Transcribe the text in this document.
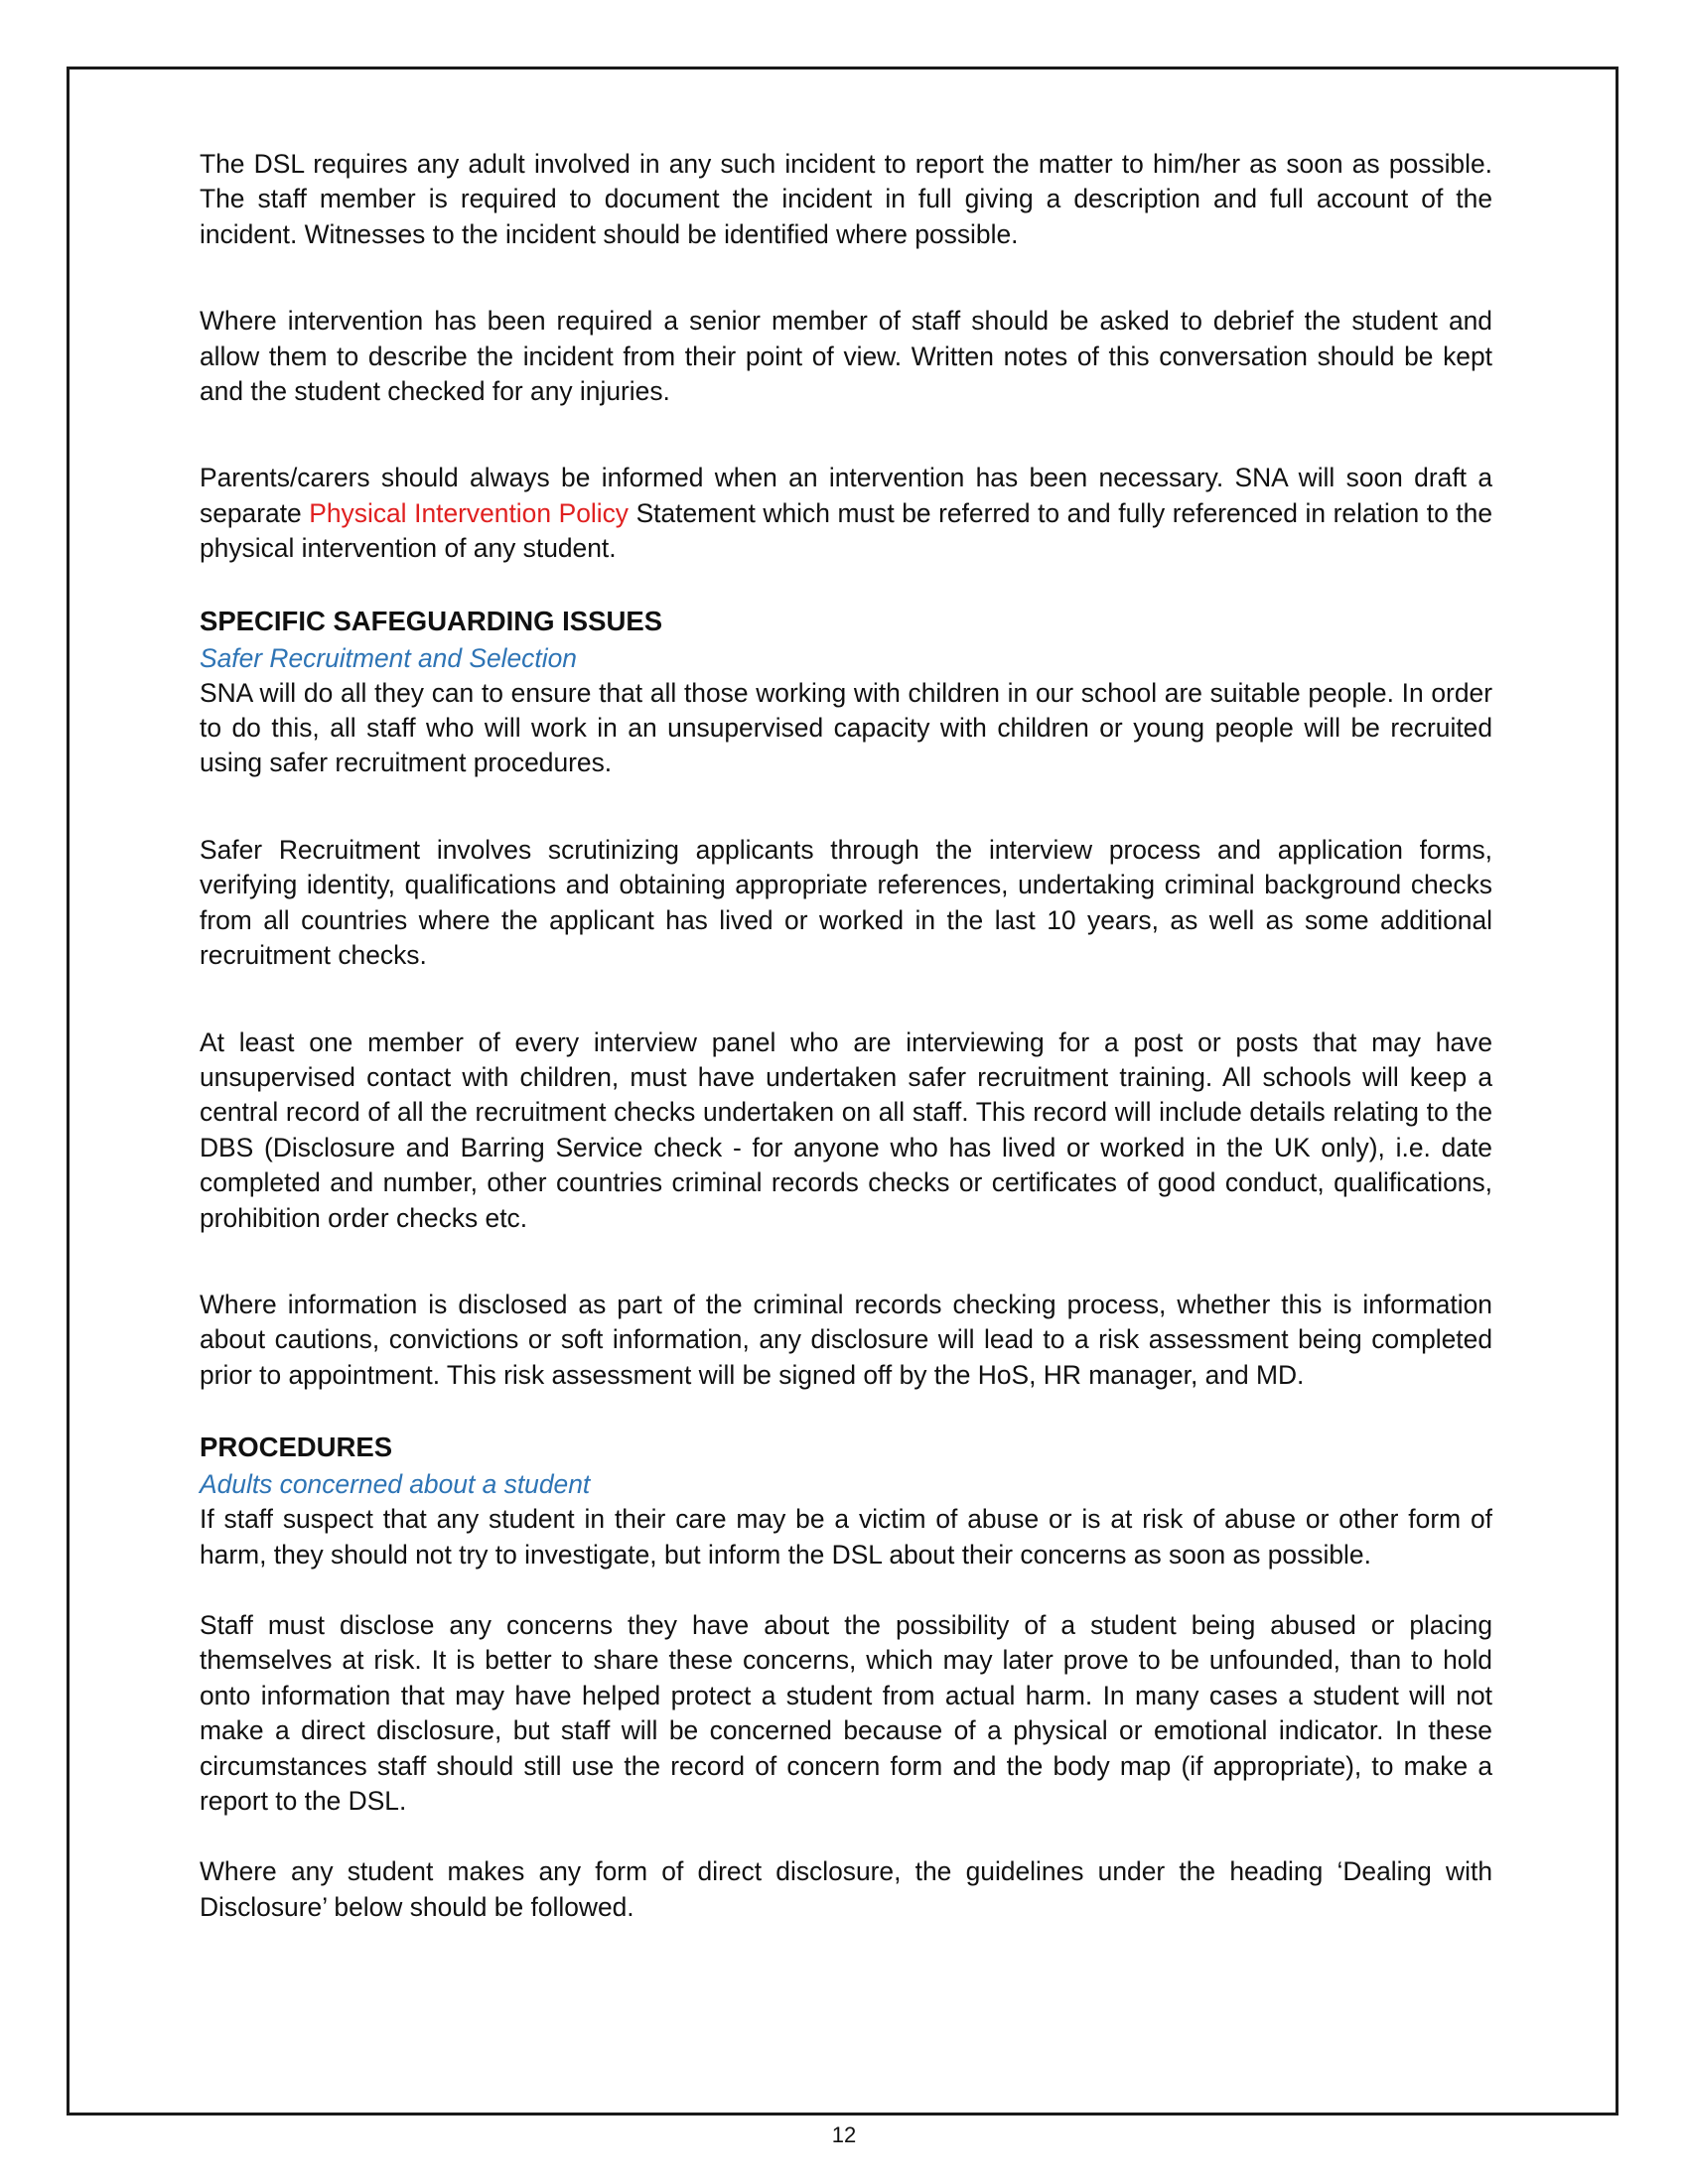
The DSL requires any adult involved in any such incident to report the matter to him/her as soon as possible. The staff member is required to document the incident in full giving a description and full account of the incident. Witnesses to the incident should be identified where possible.

Where intervention has been required a senior member of staff should be asked to debrief the student and allow them to describe the incident from their point of view. Written notes of this conversation should be kept and the student checked for any injuries.

Parents/carers should always be informed when an intervention has been necessary. SNA will soon draft a separate Physical Intervention Policy Statement which must be referred to and fully referenced in relation to the physical intervention of any student.

SPECIFIC SAFEGUARDING ISSUES
Safer Recruitment and Selection

SNA will do all they can to ensure that all those working with children in our school are suitable people. In order to do this, all staff who will work in an unsupervised capacity with children or young people will be recruited using safer recruitment procedures.

Safer Recruitment involves scrutinizing applicants through the interview process and application forms, verifying identity, qualifications and obtaining appropriate references, undertaking criminal background checks from all countries where the applicant has lived or worked in the last 10 years, as well as some additional recruitment checks.

At least one member of every interview panel who are interviewing for a post or posts that may have unsupervised contact with children, must have undertaken safer recruitment training. All schools will keep a central record of all the recruitment checks undertaken on all staff. This record will include details relating to the DBS (Disclosure and Barring Service check - for anyone who has lived or worked in the UK only), i.e. date completed and number, other countries criminal records checks or certificates of good conduct, qualifications, prohibition order checks etc.

Where information is disclosed as part of the criminal records checking process, whether this is information about cautions, convictions or soft information, any disclosure will lead to a risk assessment being completed prior to appointment. This risk assessment will be signed off by the HoS, HR manager, and MD.

PROCEDURES
Adults concerned about a student

If staff suspect that any student in their care may be a victim of abuse or is at risk of abuse or other form of harm, they should not try to investigate, but inform the DSL about their concerns as soon as possible.

Staff must disclose any concerns they have about the possibility of a student being abused or placing themselves at risk. It is better to share these concerns, which may later prove to be unfounded, than to hold onto information that may have helped protect a student from actual harm. In many cases a student will not make a direct disclosure, but staff will be concerned because of a physical or emotional indicator. In these circumstances staff should still use the record of concern form and the body map (if appropriate), to make a report to the DSL.

Where any student makes any form of direct disclosure, the guidelines under the heading ‘Dealing with Disclosure’ below should be followed.

12
